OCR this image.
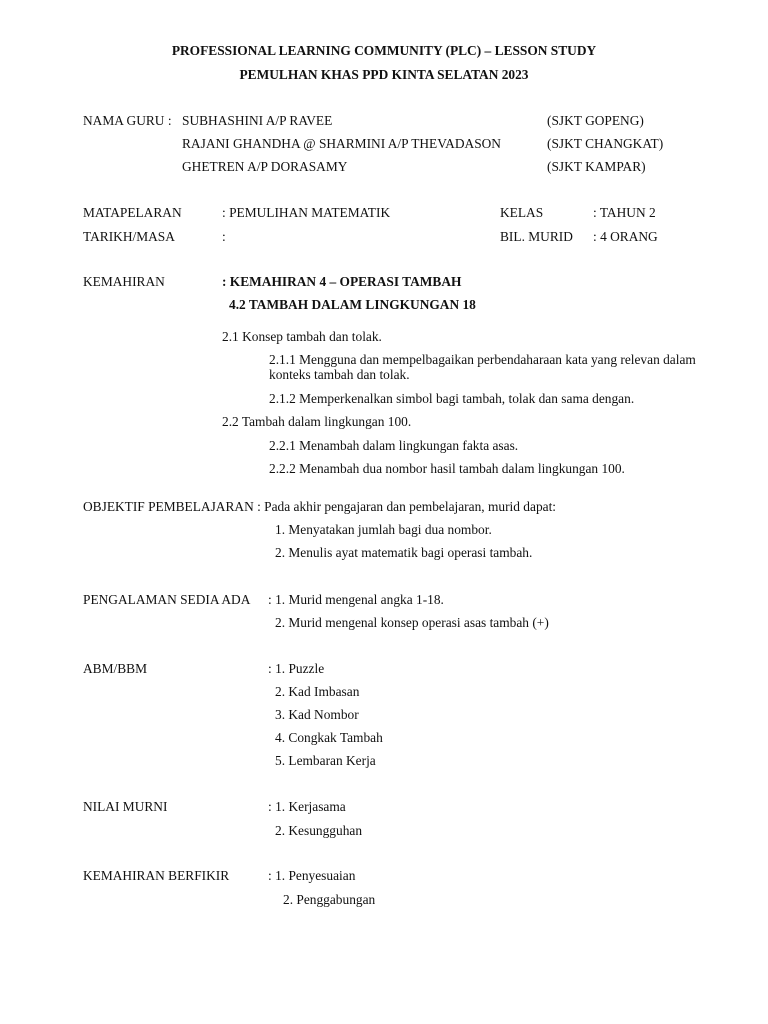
PROFESSIONAL LEARNING COMMUNITY (PLC) – LESSON STUDY
PEMULHAN KHAS PPD KINTA SELATAN 2023
NAMA GURU : SUBHASHINI A/P RAVEE	(SJKT GOPENG)
RAJANI GHANDHA @ SHARMINI A/P THEVADASON	(SJKT CHANGKAT)
GHETREN A/P DORASAMY	(SJKT KAMPAR)
MATAPELARAN	: PEMULIHAN MATEMATIK	KELAS	: TAHUN 2
TARIKH/MASA	:	BIL. MURID : 4 ORANG
KEMAHIRAN	: KEMAHIRAN 4 – OPERASI TAMBAH
4.2 TAMBAH DALAM LINGKUNGAN 18
2.1 Konsep tambah dan tolak.
2.1.1 Mengguna dan mempelbagaikan perbendaharaan kata yang relevan dalam
konteks tambah dan tolak.
2.1.2 Memperkenalkan simbol bagi tambah, tolak dan sama dengan.
2.2 Tambah dalam lingkungan 100.
2.2.1 Menambah dalam lingkungan fakta asas.
2.2.2 Menambah dua nombor hasil tambah dalam lingkungan 100.
OBJEKTIF PEMBELAJARAN : Pada akhir pengajaran dan pembelajaran, murid dapat:
1. Menyatakan jumlah bagi dua nombor.
2. Menulis ayat matematik bagi operasi tambah.
PENGALAMAN SEDIA ADA : 1. Murid mengenal angka 1-18.
2. Murid mengenal konsep operasi asas tambah (+)
ABM/BBM	: 1. Puzzle
2. Kad Imbasan
3. Kad Nombor
4. Congkak Tambah
5. Lembaran Kerja
NILAI MURNI	: 1. Kerjasama
2. Kesungguhan
KEMAHIRAN BERFIKIR	: 1. Penyesuaian
2. Penggabungan
